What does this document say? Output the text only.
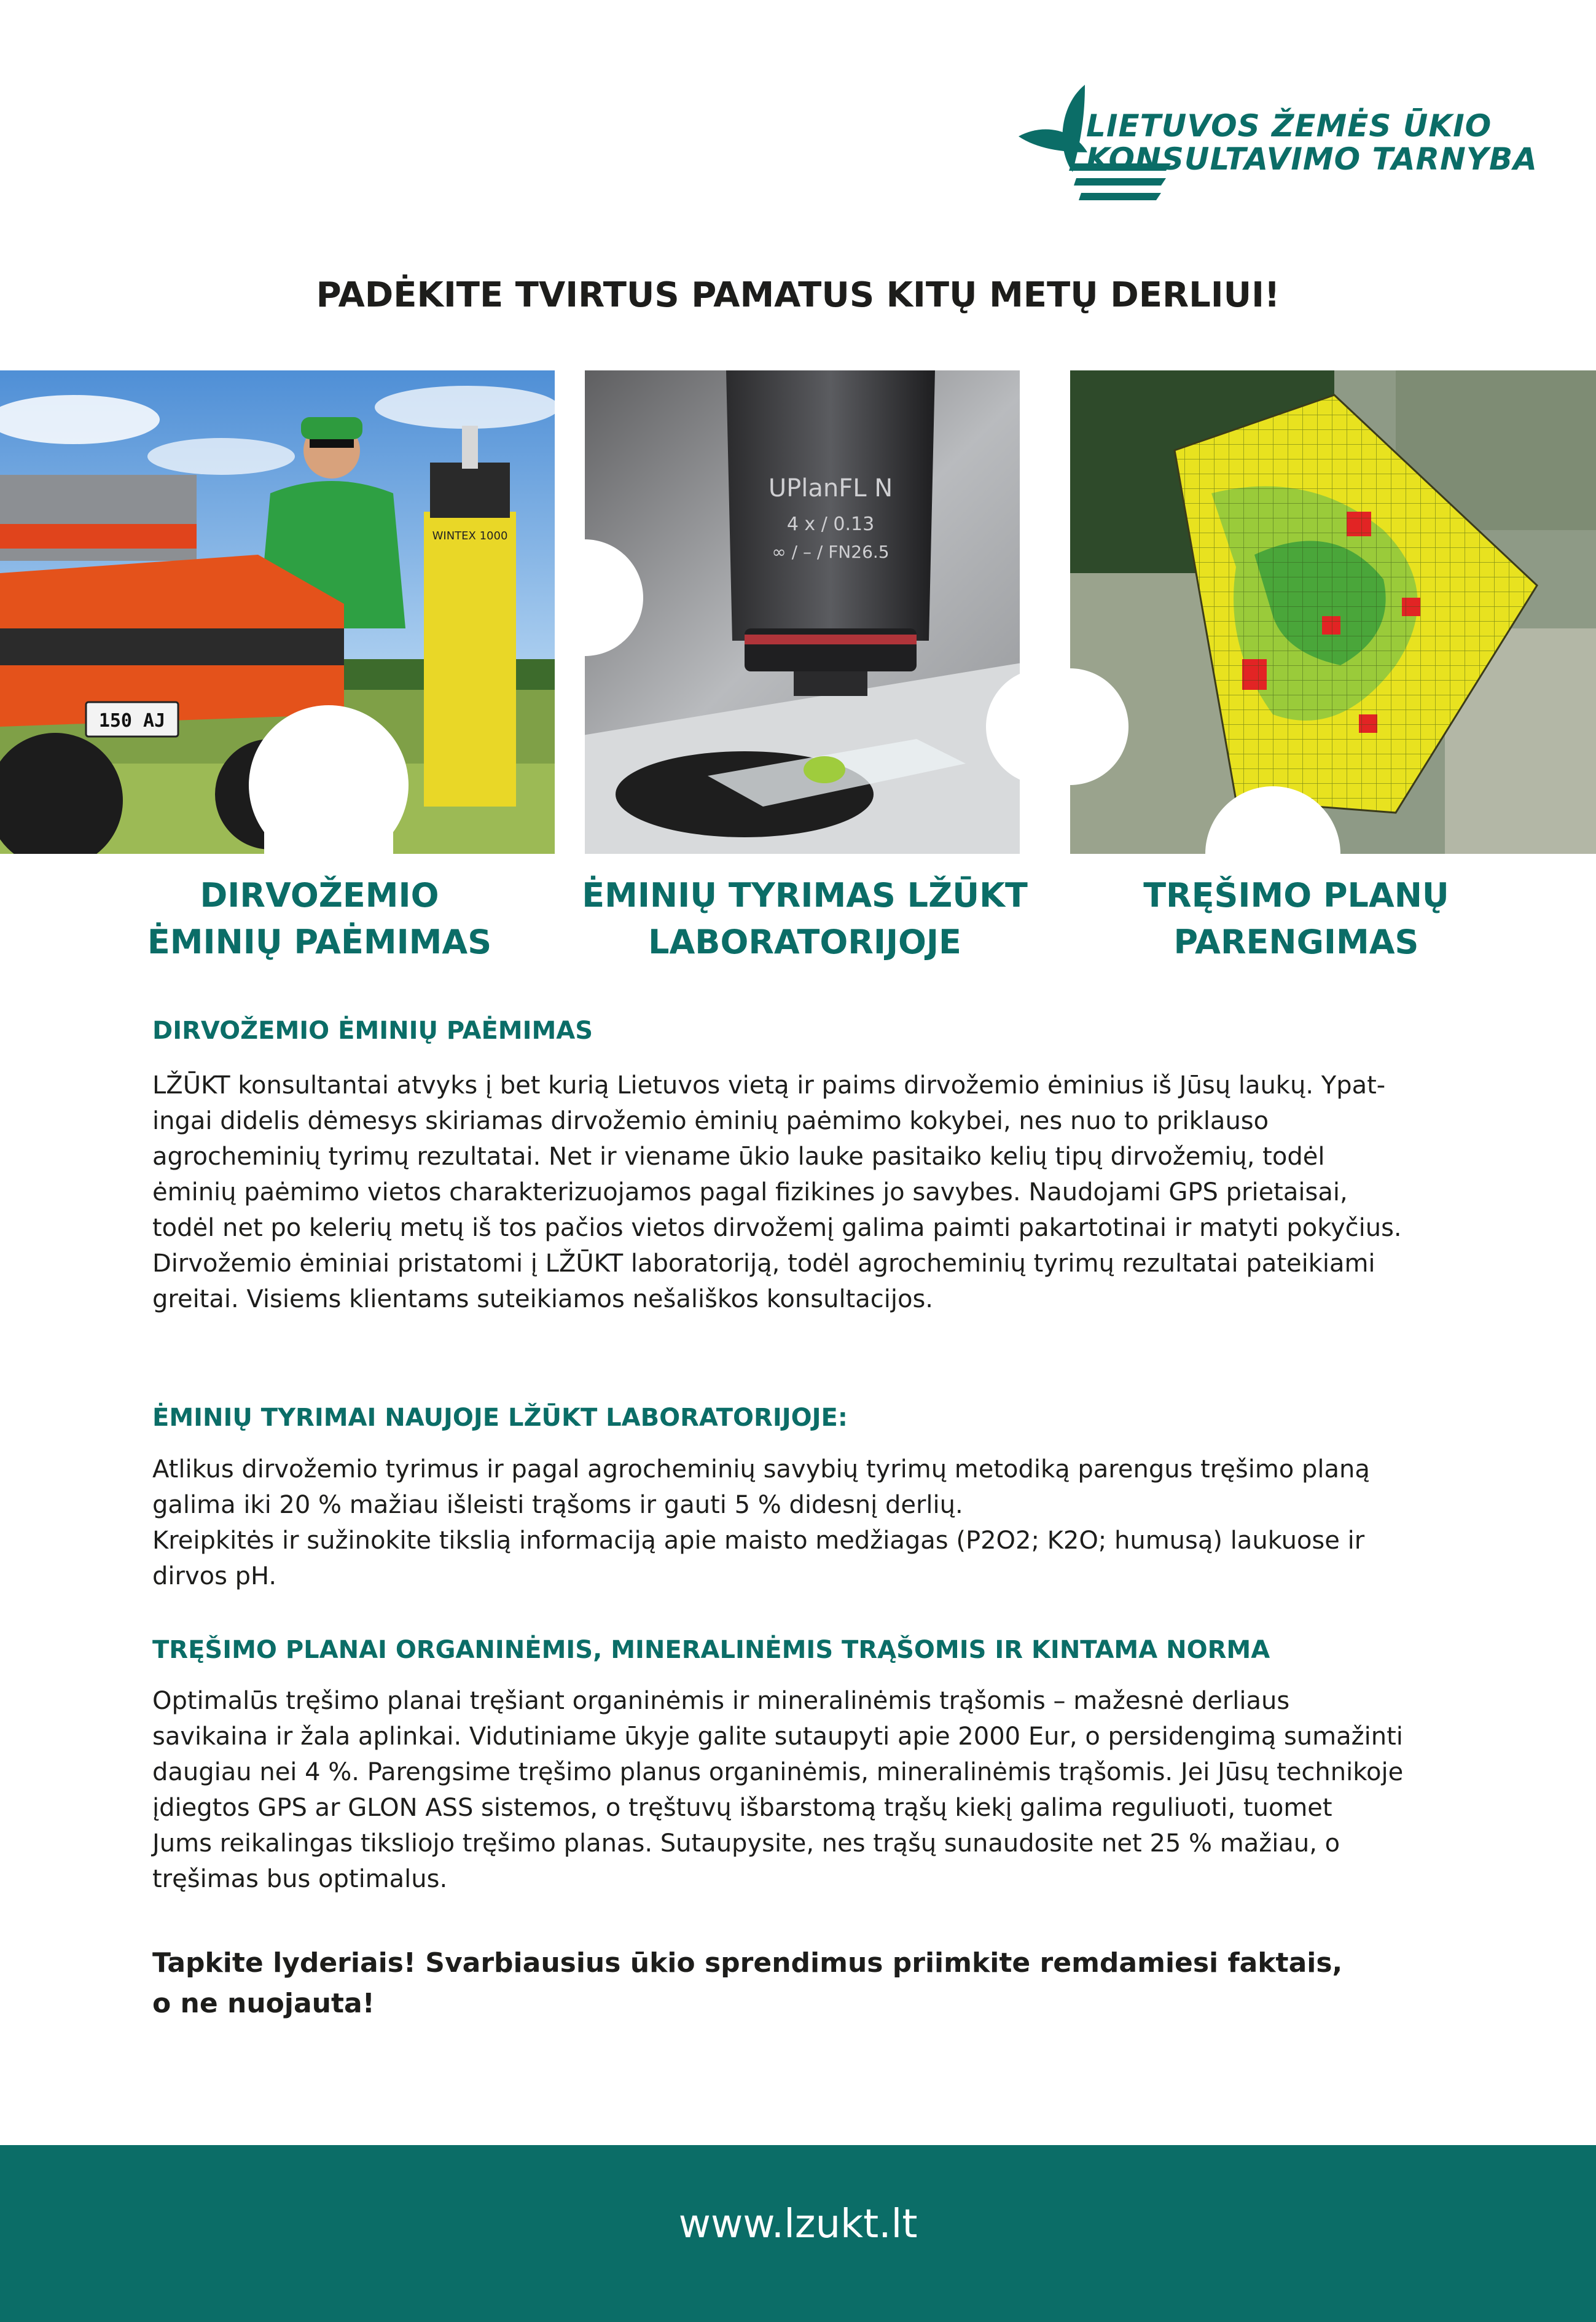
LIETUVOS ŽEMĖS ŪKIO
KONSULTAVIMO TARNYBA
PADĖKITE TVIRTUS PAMATUS KITŲ METŲ DERLIUI!
150 AJ
WINTEX 1000
UPlanFL N
4 x / 0.13
∞ / – / FN26.5
DIRVOŽEMIO
ĖMINIŲ PAĖMIMAS
ĖMINIŲ TYRIMAS LŽŪKT
LABORATORIJOJE
TRĘŠIMO PLANŲ
PARENGIMAS
DIRVOŽEMIO ĖMINIŲ PAĖMIMAS

LŽŪKT konsultantai atvyks į bet kurią Lietuvos vietą ir paims dirvožemio ėminius iš Jūsų laukų. Ypat-

ingai didelis dėmesys skiriamas dirvožemio ėminių paėmimo kokybei, nes nuo to priklauso

agrocheminių tyrimų rezultatai. Net ir viename ūkio lauke pasitaiko kelių tipų dirvožemių, todėl

ėminių paėmimo vietos charakterizuojamos pagal fizikines jo savybes. Naudojami GPS prietaisai,

todėl net po kelerių metų iš tos pačios vietos dirvožemį galima paimti pakartotinai ir matyti pokyčius.

Dirvožemio ėminiai pristatomi į LŽŪKT laboratoriją, todėl agrocheminių tyrimų rezultatai pateikiami

greitai. Visiems klientams suteikiamos nešališkos konsultacijos.

ĖMINIŲ TYRIMAI NAUJOJE LŽŪKT LABORATORIJOJE:

Atlikus dirvožemio tyrimus ir pagal agrocheminių savybių tyrimų metodiką parengus tręšimo planą

galima iki 20 % mažiau išleisti trąšoms ir gauti 5 % didesnį derlių.

Kreipkitės ir sužinokite tikslią informaciją apie maisto medžiagas (P2O2; K2O; humusą) laukuose ir

dirvos pH.

TRĘŠIMO PLANAI ORGANINĖMIS, MINERALINĖMIS TRĄŠOMIS IR KINTAMA NORMA

Optimalūs tręšimo planai tręšiant organinėmis ir mineralinėmis trąšomis – mažesnė derliaus

savikaina ir žala aplinkai. Vidutiniame ūkyje galite sutaupyti apie 2000 Eur, o persidengimą sumažinti

daugiau nei 4 %. Parengsime tręšimo planus organinėmis, mineralinėmis trąšomis. Jei Jūsų technikoje

įdiegtos GPS ar GLON ASS sistemos, o tręštuvų išbarstomą trąšų kiekį galima reguliuoti, tuomet

Jums reikalingas tiksliojo tręšimo planas. Sutaupysite, nes trąšų sunaudosite net 25 % mažiau, o

tręšimas bus optimalus.

Tapkite lyderiais! Svarbiausius ūkio sprendimus priimkite remdamiesi faktais,

o ne nuojauta!

www.lzukt.lt
